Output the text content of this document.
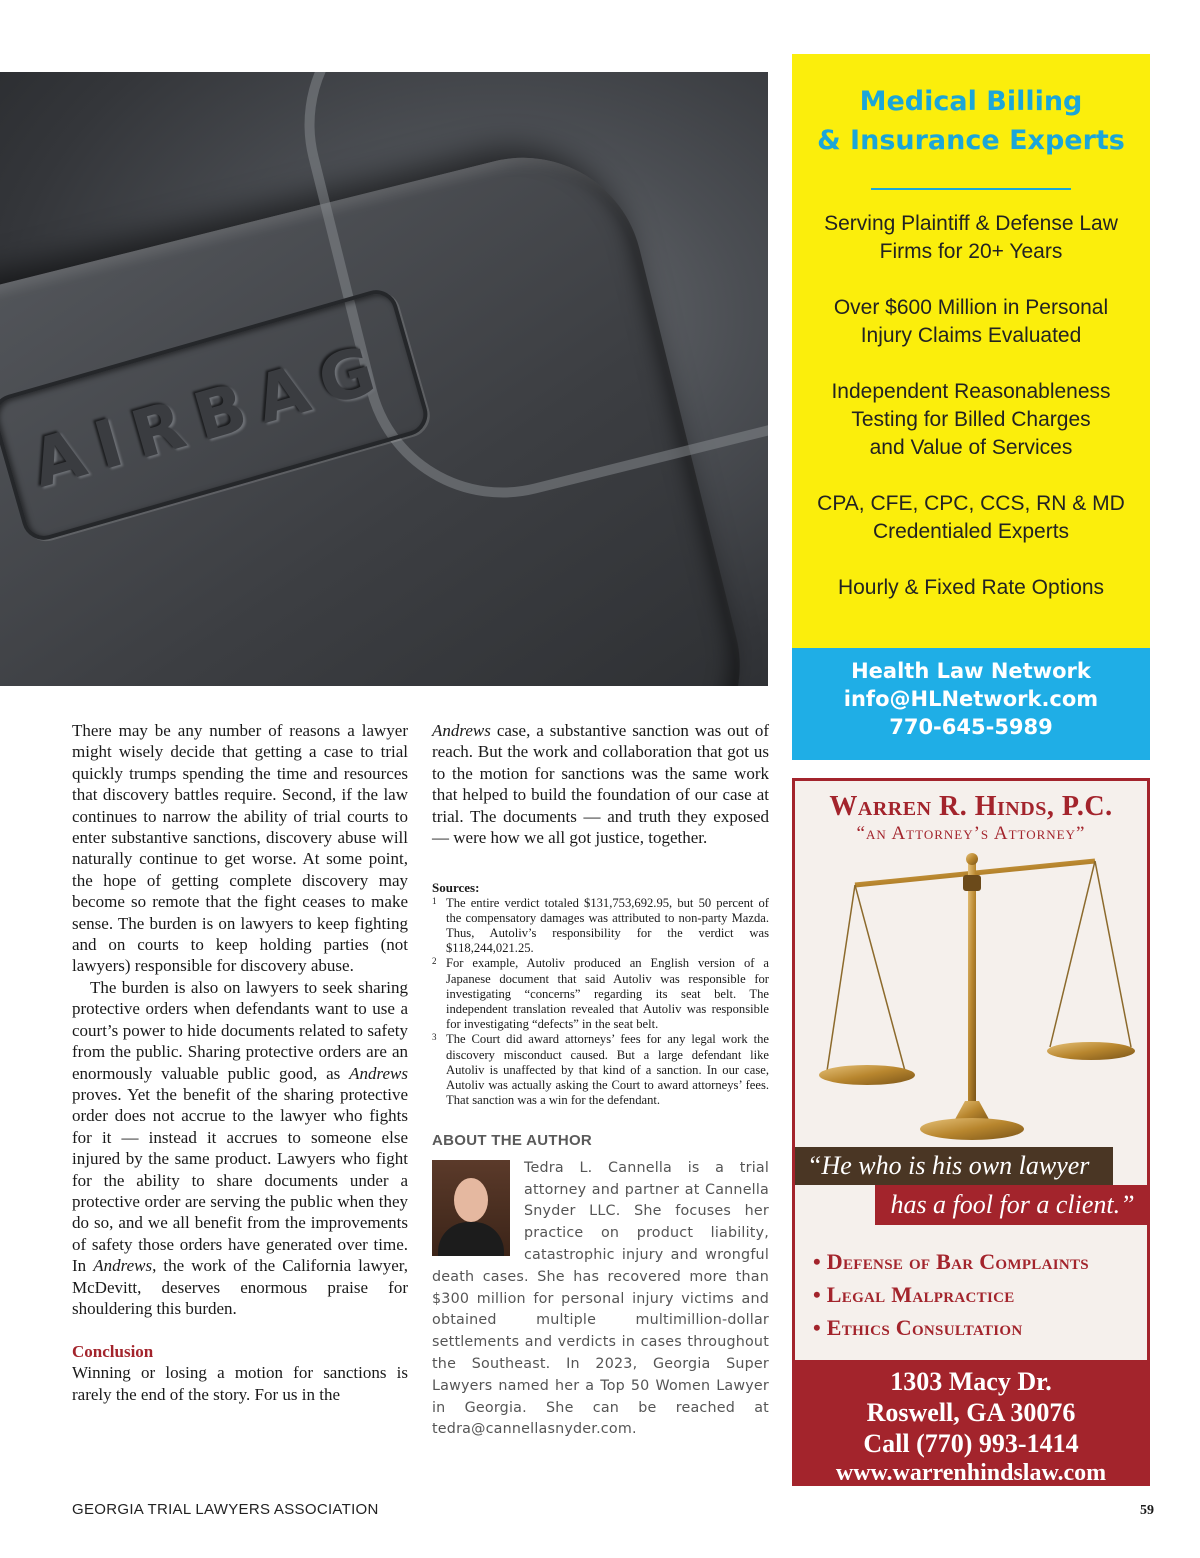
AIRBAG
Medical Billing
& Insurance Experts
Serving Plaintiff & Defense Law
Firms for 20+ Years
Over $600 Million in Personal
Injury Claims Evaluated
Independent Reasonableness
Testing for Billed Charges
and Value of Services
CPA, CFE, CPC, CCS, RN & MD
Credentialed Experts
Hourly & Fixed Rate Options
Health Law Network
info@HLNetwork.com
770-645-5989
Warren R. Hinds, P.C.
“an Attorney’s Attorney”
“He who is his own lawyer
has a fool for a client.”
• Defense of Bar Complaints
• Legal Malpractice
• Ethics Consultation
1303 Macy Dr.
Roswell, GA 30076
Call (770) 993-1414
www.warrenhindslaw.com

There may be any number of reasons a lawyer might wisely decide that getting a case to trial quickly trumps spending the time and resources that discovery battles require. Second, if the law continues to narrow the ability of trial courts to enter substantive sanctions, discovery abuse will naturally continue to get worse. At some point, the hope of getting complete discovery may become so remote that the fight ceases to make sense. The burden is on lawyers to keep fighting and on courts to keep holding parties (not lawyers) responsible for discovery abuse.

The burden is also on lawyers to seek sharing protective orders when defendants want to use a court’s power to hide documents related to safety from the public. Sharing protective orders are an enormously valuable public good, as Andrews proves. Yet the benefit of the sharing protective order does not accrue to the lawyer who fights for it — instead it accrues to someone else injured by the same product. Lawyers who fight for the ability to share documents under a protective order are serving the public when they do so, and we all benefit from the improvements of safety those orders have generated over time. In Andrews, the work of the California lawyer, McDevitt, deserves enormous praise for shouldering this burden.

Conclusion

Winning or losing a motion for sanctions is rarely the end of the story. For us in the

Andrews case, a substantive sanction was out of reach. But the work and collaboration that got us to the motion for sanctions was the same work that helped to build the foundation of our case at trial. The documents — and truth they exposed — were how we all got justice, together.

Sources:
1 The entire verdict totaled $131,753,692.95, but 50 percent of the compensatory damages was attributed to non-party Mazda. Thus, Autoliv’s responsibility for the verdict was $118,244,021.25.
2 For example, Autoliv produced an English version of a Japanese document that said Autoliv was responsible for investigating “concerns” regarding its seat belt. The independent translation revealed that Autoliv was responsible for investigating “defects” in the seat belt.
3 The Court did award attorneys’ fees for any legal work the discovery misconduct caused. But a large defendant like Autoliv is unaffected by that kind of a sanction. In our case, Autoliv was actually asking the Court to award attorneys’ fees. That sanction was a win for the defendant.
ABOUT THE AUTHOR
Tedra L. Cannella is a trial attorney and partner at Cannella Snyder LLC. She focuses her practice on product liability, catastrophic injury and wrongful death cases. She has recovered more than $300 million for personal injury victims and obtained multiple multimillion-dollar settlements and verdicts in cases throughout the Southeast. In 2023, Georgia Super Lawyers named her a Top 50 Women Lawyer in Georgia. She can be reached at tedra@cannellasnyder.com.
GEORGIA TRIAL LAWYERS ASSOCIATION	59
